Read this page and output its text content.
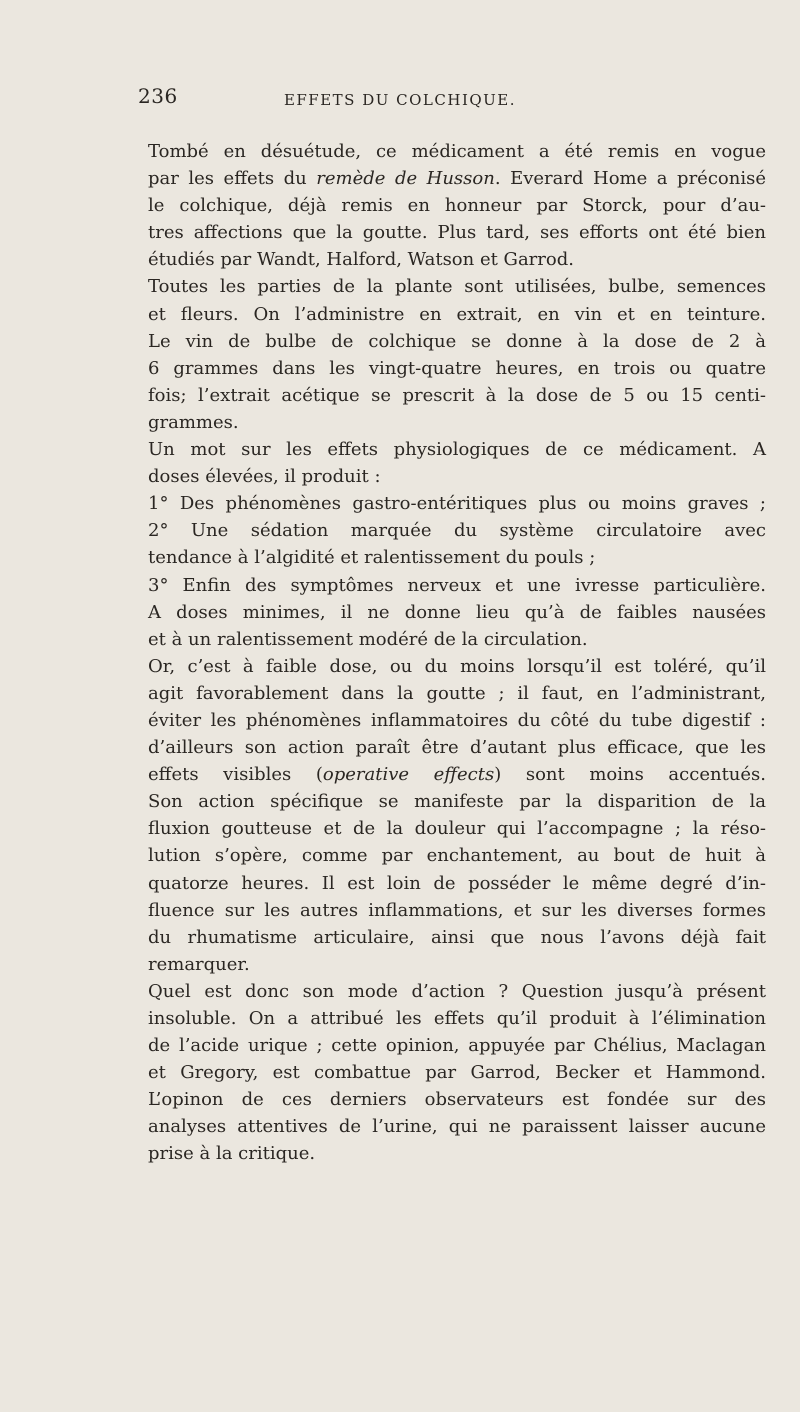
236	EFFETS DU COLCHIQUE.

Tombé en désuétude, ce médicament a été remis en vogue

par les effets du remède de Husson. Everard Home a préconisé

le colchique, déjà remis en honneur par Storck, pour d’au-

tres affections que la goutte. Plus tard, ses efforts ont été bien

étudiés par Wandt, Halford, Watson et Garrod.

Toutes les parties de la plante sont utilisées, bulbe, semences

et fleurs. On l’administre en extrait, en vin et en teinture.

Le vin de bulbe de colchique se donne à la dose de 2 à

6 grammes dans les vingt-quatre heures, en trois ou quatre

fois; l’extrait acétique se prescrit à la dose de 5 ou 15 centi-

grammes.

Un mot sur les effets physiologiques de ce médicament. A

doses élevées, il produit :

1° Des phénomènes gastro-entéritiques plus ou moins graves ;

2° Une sédation marquée du système circulatoire avec

tendance à l’algidité et ralentissement du pouls ;

3° Enfin des symptômes nerveux et une ivresse particulière.

A doses minimes, il ne donne lieu qu’à de faibles nausées

et à un ralentissement modéré de la circulation.

Or, c’est à faible dose, ou du moins lorsqu’il est toléré, qu’il

agit favorablement dans la goutte ; il faut, en l’administrant,

éviter les phénomènes inflammatoires du côté du tube digestif :

d’ailleurs son action paraît être d’autant plus efficace, que les

effets visibles (operative effects) sont moins accentués.

Son action spécifique se manifeste par la disparition de la

fluxion goutteuse et de la douleur qui l’accompagne ; la réso-

lution s’opère, comme par enchantement, au bout de huit à

quatorze heures. Il est loin de posséder le même degré d’in-

fluence sur les autres inflammations, et sur les diverses formes

du rhumatisme articulaire, ainsi que nous l’avons déjà fait

remarquer.

Quel est donc son mode d’action ? Question jusqu’à présent

insoluble. On a attribué les effets qu’il produit à l’élimination

de l’acide urique ; cette opinion, appuyée par Chélius, Maclagan

et Gregory, est combattue par Garrod, Becker et Hammond.

L’opinon de ces derniers observateurs est fondée sur des

analyses attentives de l’urine, qui ne paraissent laisser aucune

prise à la critique.
